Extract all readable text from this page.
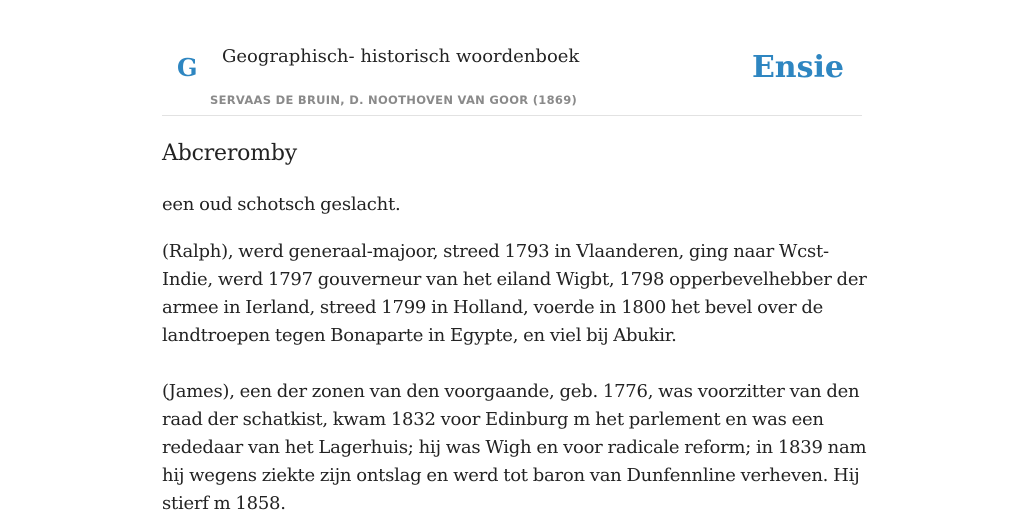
G Geographisch- historisch woordenboek
SERVAAS DE BRUIN, D. NOOTHOVEN VAN GOOR (1869)
Ensie
Abcreromby

een oud schotsch geslacht.

(Ralph), werd generaal-majoor, streed 1793 in Vlaanderen, ging naar Wcst-Indie, werd 1797 gouverneur van het eiland Wigbt, 1798 opperbevelhebber der armee in Ierland, streed 1799 in Holland, voerde in 1800 het bevel over de landtroepen tegen Bonaparte in Egypte, en viel bij Abukir.

(James), een der zonen van den voorgaande, geb. 1776, was voorzitter van den raad der schatkist, kwam 1832 voor Edinburg m het parlement en was een rededaar van het Lagerhuis; hij was Wigh en voor radicale reform; in 1839 nam hij wegens ziekte zijn ontslag en werd tot baron van Dunfennline verheven. Hij stierf m 1858.
